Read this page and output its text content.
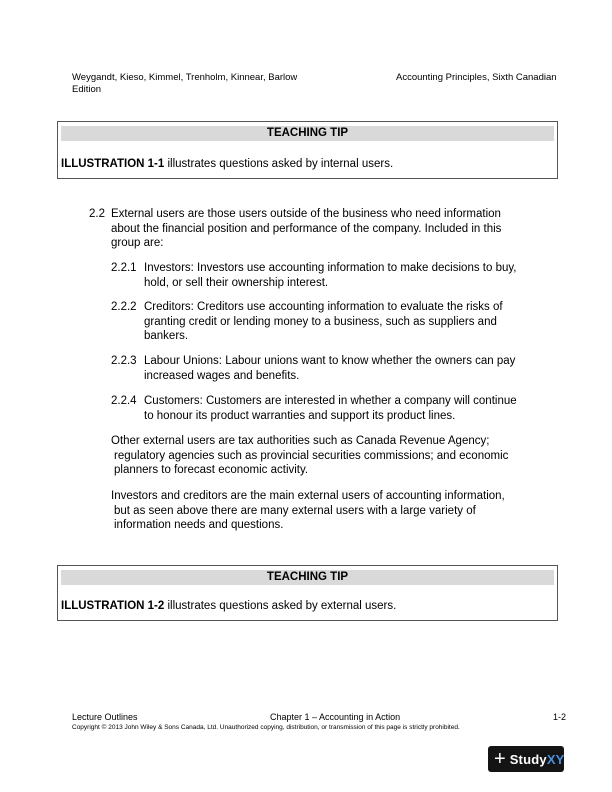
Weygandt, Kieso, Kimmel, Trenholm, Kinnear, Barlow
Edition
Accounting Principles, Sixth Canadian
TEACHING TIP
ILLUSTRATION 1-1 illustrates questions asked by internal users.
2.2 External users are those users outside of the business who need information
about the financial position and performance of the company. Included in this
group are:
2.2.1 Investors: Investors use accounting information to make decisions to buy,
hold, or sell their ownership interest.
2.2.2 Creditors: Creditors use accounting information to evaluate the risks of
granting credit or lending money to a business, such as suppliers and
bankers.
2.2.3 Labour Unions: Labour unions want to know whether the owners can pay
increased wages and benefits.
2.2.4 Customers: Customers are interested in whether a company will continue
to honour its product warranties and support its product lines.
Other external users are tax authorities such as Canada Revenue Agency;
regulatory agencies such as provincial securities commissions; and economic
planners to forecast economic activity.
Investors and creditors are the main external users of accounting information,
but as seen above there are many external users with a large variety of
information needs and questions.
TEACHING TIP
ILLUSTRATION 1-2 illustrates questions asked by external users.
Lecture Outlines	Chapter 1 – Accounting in Action	1-2
Copyright © 2013 John Wiley & Sons Canada, Ltd. Unauthorized copying, distribution, or transmission of this page is strictly prohibited.
+ StudyXY
